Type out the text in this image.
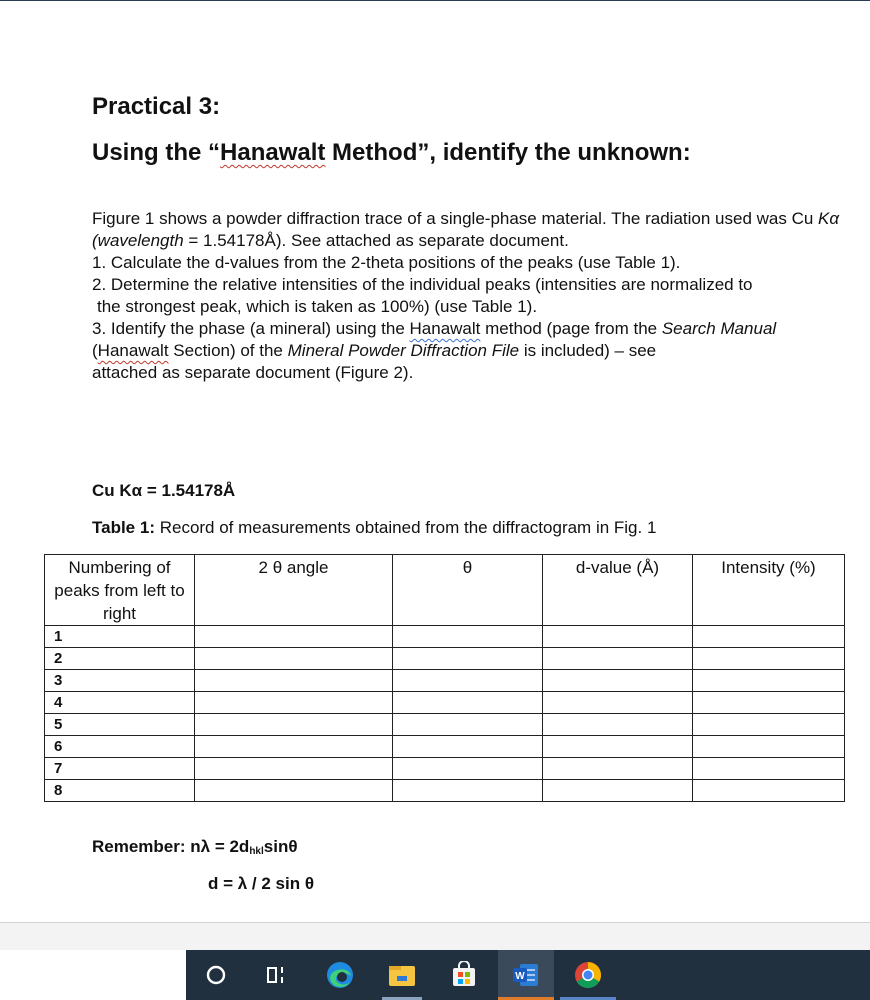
Practical 3:
Using the “Hanawalt Method”, identify the unknown:

Figure 1 shows a powder diffraction trace of a single-phase material. The radiation used was Cu Kα (wavelength = 1.54178Å). See attached as separate document.

1. Calculate the d-values from the 2-theta positions of the peaks (use Table 1).

2. Determine the relative intensities of the individual peaks (intensities are normalized to

the strongest peak, which is taken as 100%) (use Table 1).

3. Identify the phase (a mineral) using the Hanawalt method (page from the Search Manual (Hanawalt Section) of the Mineral Powder Diffraction File is included) – see

attached as separate document (Figure 2).

Cu Kα = 1.54178Å
Table 1: Record of measurements obtained from the diffractogram in Fig. 1
Numbering of peaks from left to right	2 θ angle	θ	d-value (Å)	Intensity (%)
1				
2				
3				
4				
5				
6				
7				
8				
Remember: $n\lambda = 2d_{hkl}\sin\theta$
d = λ / 2 sin θ
W
